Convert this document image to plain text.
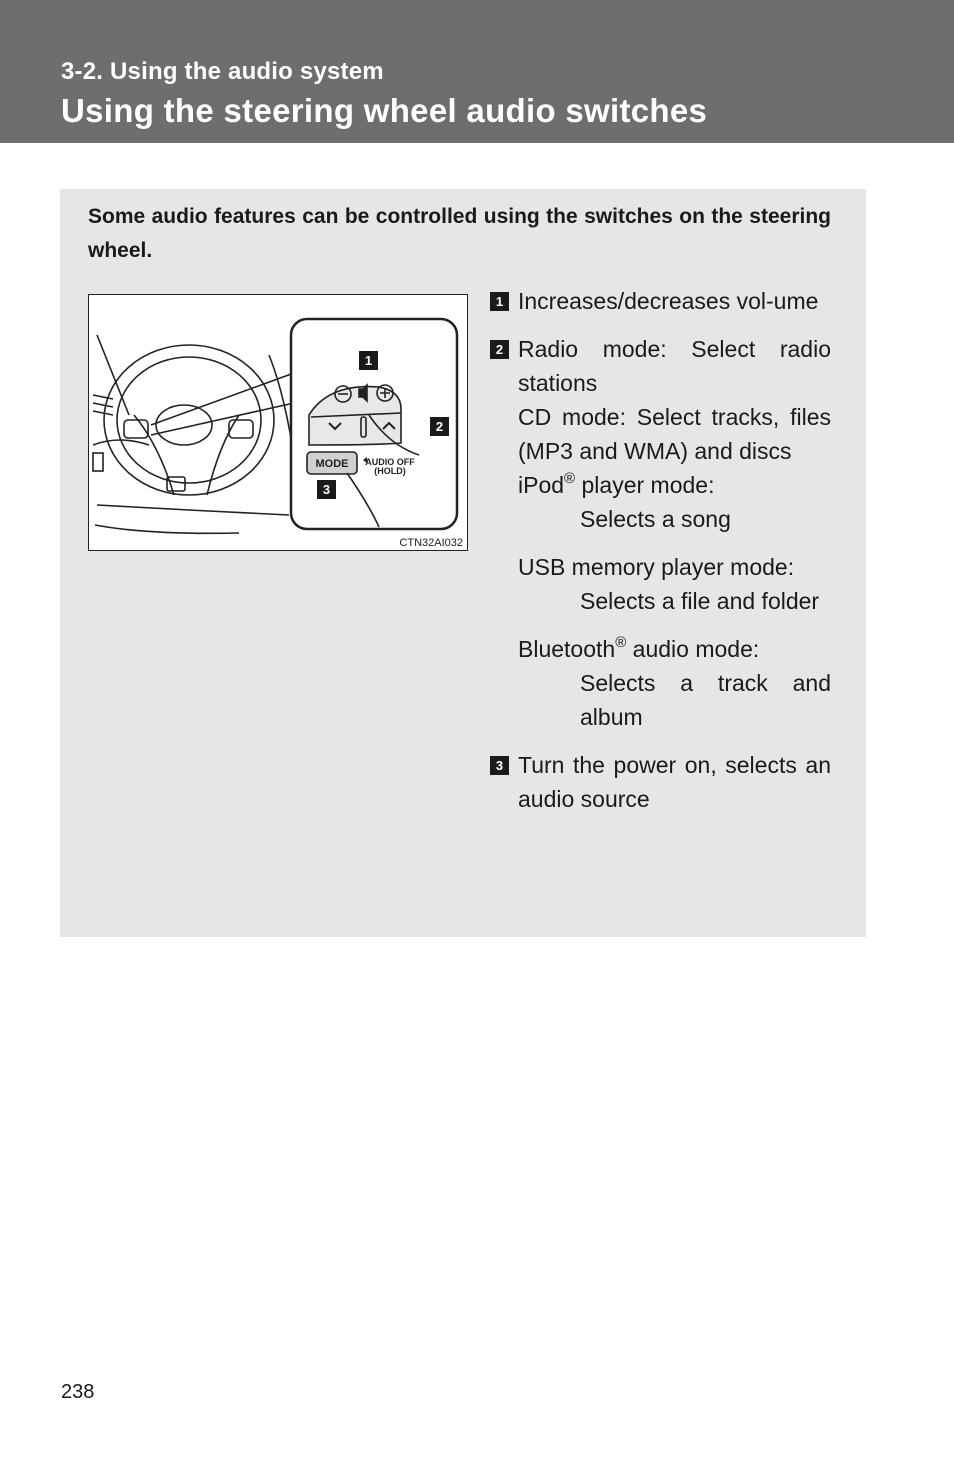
3-2. Using the audio system
Using the steering wheel audio switches
Some audio features can be controlled using the switches on the steering wheel.
MODE AUDIO OFF
(HOLD)
1
2
3
CTN32AI032
1 Increases/decreases vol-ume
2 Radio mode: Select radio stations
CD mode: Select tracks, files (MP3 and WMA) and discs
iPod® player mode:
Selects a song
USB memory player mode:
Selects a file and folder
Bluetooth® audio mode:
Selects a track and album
3 Turn the power on, selects an audio source
238
